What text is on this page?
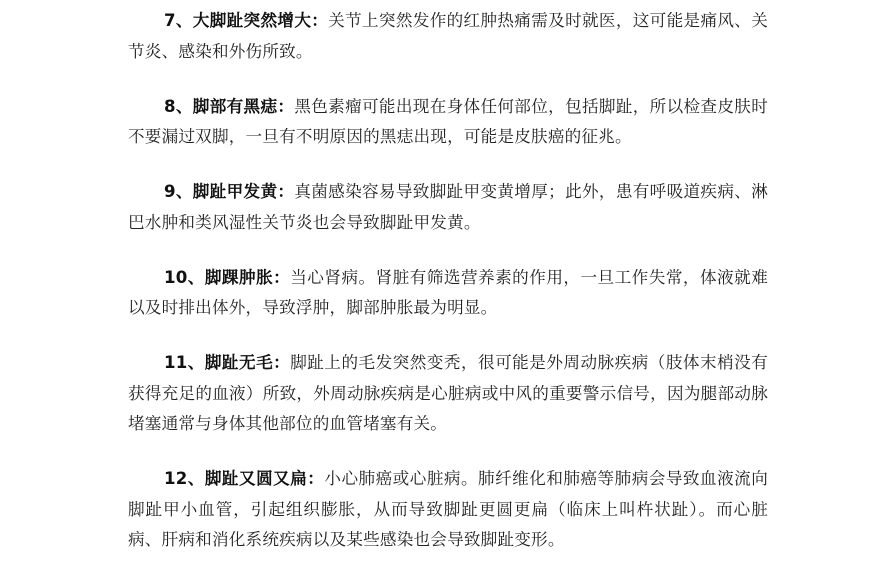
7、大脚趾突然增大：关节上突然发作的红肿热痛需及时就医，这可能是痛风、关节炎、感染和外伤所致。

8、脚部有黑痣：黑色素瘤可能出现在身体任何部位，包括脚趾，所以检查皮肤时不要漏过双脚，一旦有不明原因的黑痣出现，可能是皮肤癌的征兆。

9、脚趾甲发黄：真菌感染容易导致脚趾甲变黄增厚；此外，患有呼吸道疾病、淋巴水肿和类风湿性关节炎也会导致脚趾甲发黄。

10、脚踝肿胀：当心肾病。肾脏有筛选营养素的作用，一旦工作失常，体液就难以及时排出体外，导致浮肿，脚部肿胀最为明显。

11、脚趾无毛：脚趾上的毛发突然变秃，很可能是外周动脉疾病（肢体末梢没有获得充足的血液）所致，外周动脉疾病是心脏病或中风的重要警示信号，因为腿部动脉堵塞通常与身体其他部位的血管堵塞有关。

12、脚趾又圆又扁：小心肺癌或心脏病。肺纤维化和肺癌等肺病会导致血液流向脚趾甲小血管，引起组织膨胀，从而导致脚趾更圆更扁（临床上叫杵状趾）。而心脏病、肝病和消化系统疾病以及某些感染也会导致脚趾变形。
